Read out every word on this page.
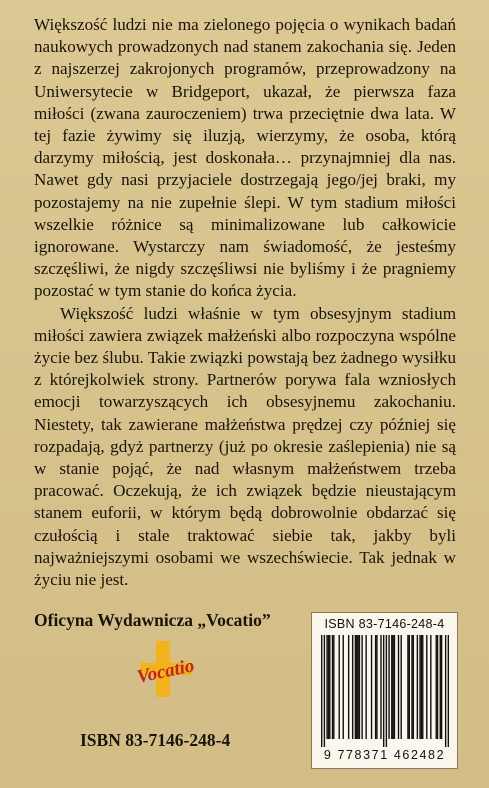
Większość ludzi nie ma zielonego pojęcia o wynikach badań naukowych prowadzonych nad stanem zakochania się. Jeden z najszerzej zakrojonych programów, przeprowadzony na Uniwersytecie w Bridgeport, ukazał, że pierwsza faza miłości (zwana zauroczeniem) trwa przeciętnie dwa lata. W tej fazie żywimy się iluzją, wierzymy, że osoba, którą darzymy miłością, jest doskonała… przynajmniej dla nas. Nawet gdy nasi przyjaciele dostrzegają jego/jej braki, my pozostajemy na nie zupełnie ślepi. W tym stadium miłości wszelkie różnice są minimalizowane lub całkowicie ignorowane. Wystarczy nam świadomość, że jesteśmy szczęśliwi, że nigdy szczęśliwsi nie byliśmy i że pragniemy pozostać w tym stanie do końca życia.

Większość ludzi właśnie w tym obsesyjnym stadium miłości zawiera związek małżeński albo rozpoczyna wspólne życie bez ślubu. Takie związki powstają bez żadnego wysiłku z którejkolwiek strony. Partnerów porywa fala wzniosłych emocji towarzyszących ich obsesyjnemu zakochaniu. Niestety, tak zawierane małżeństwa prędzej czy później się rozpadają, gdyż partnerzy (już po okresie zaślepienia) nie są w stanie pojąć, że nad własnym małżeństwem trzeba pracować. Oczekują, że ich związek będzie nieustającym stanem euforii, w którym będą dobrowolnie obdarzać się czułością i stale traktować siebie tak, jakby byli najważniejszymi osobami we wszechświecie. Tak jednak w życiu nie jest.

Oficyna Wydawnicza „Vocatio”
Vocatio
ISBN 83-7146-248-4
ISBN 83-7146-248-4
9 778371 462482
